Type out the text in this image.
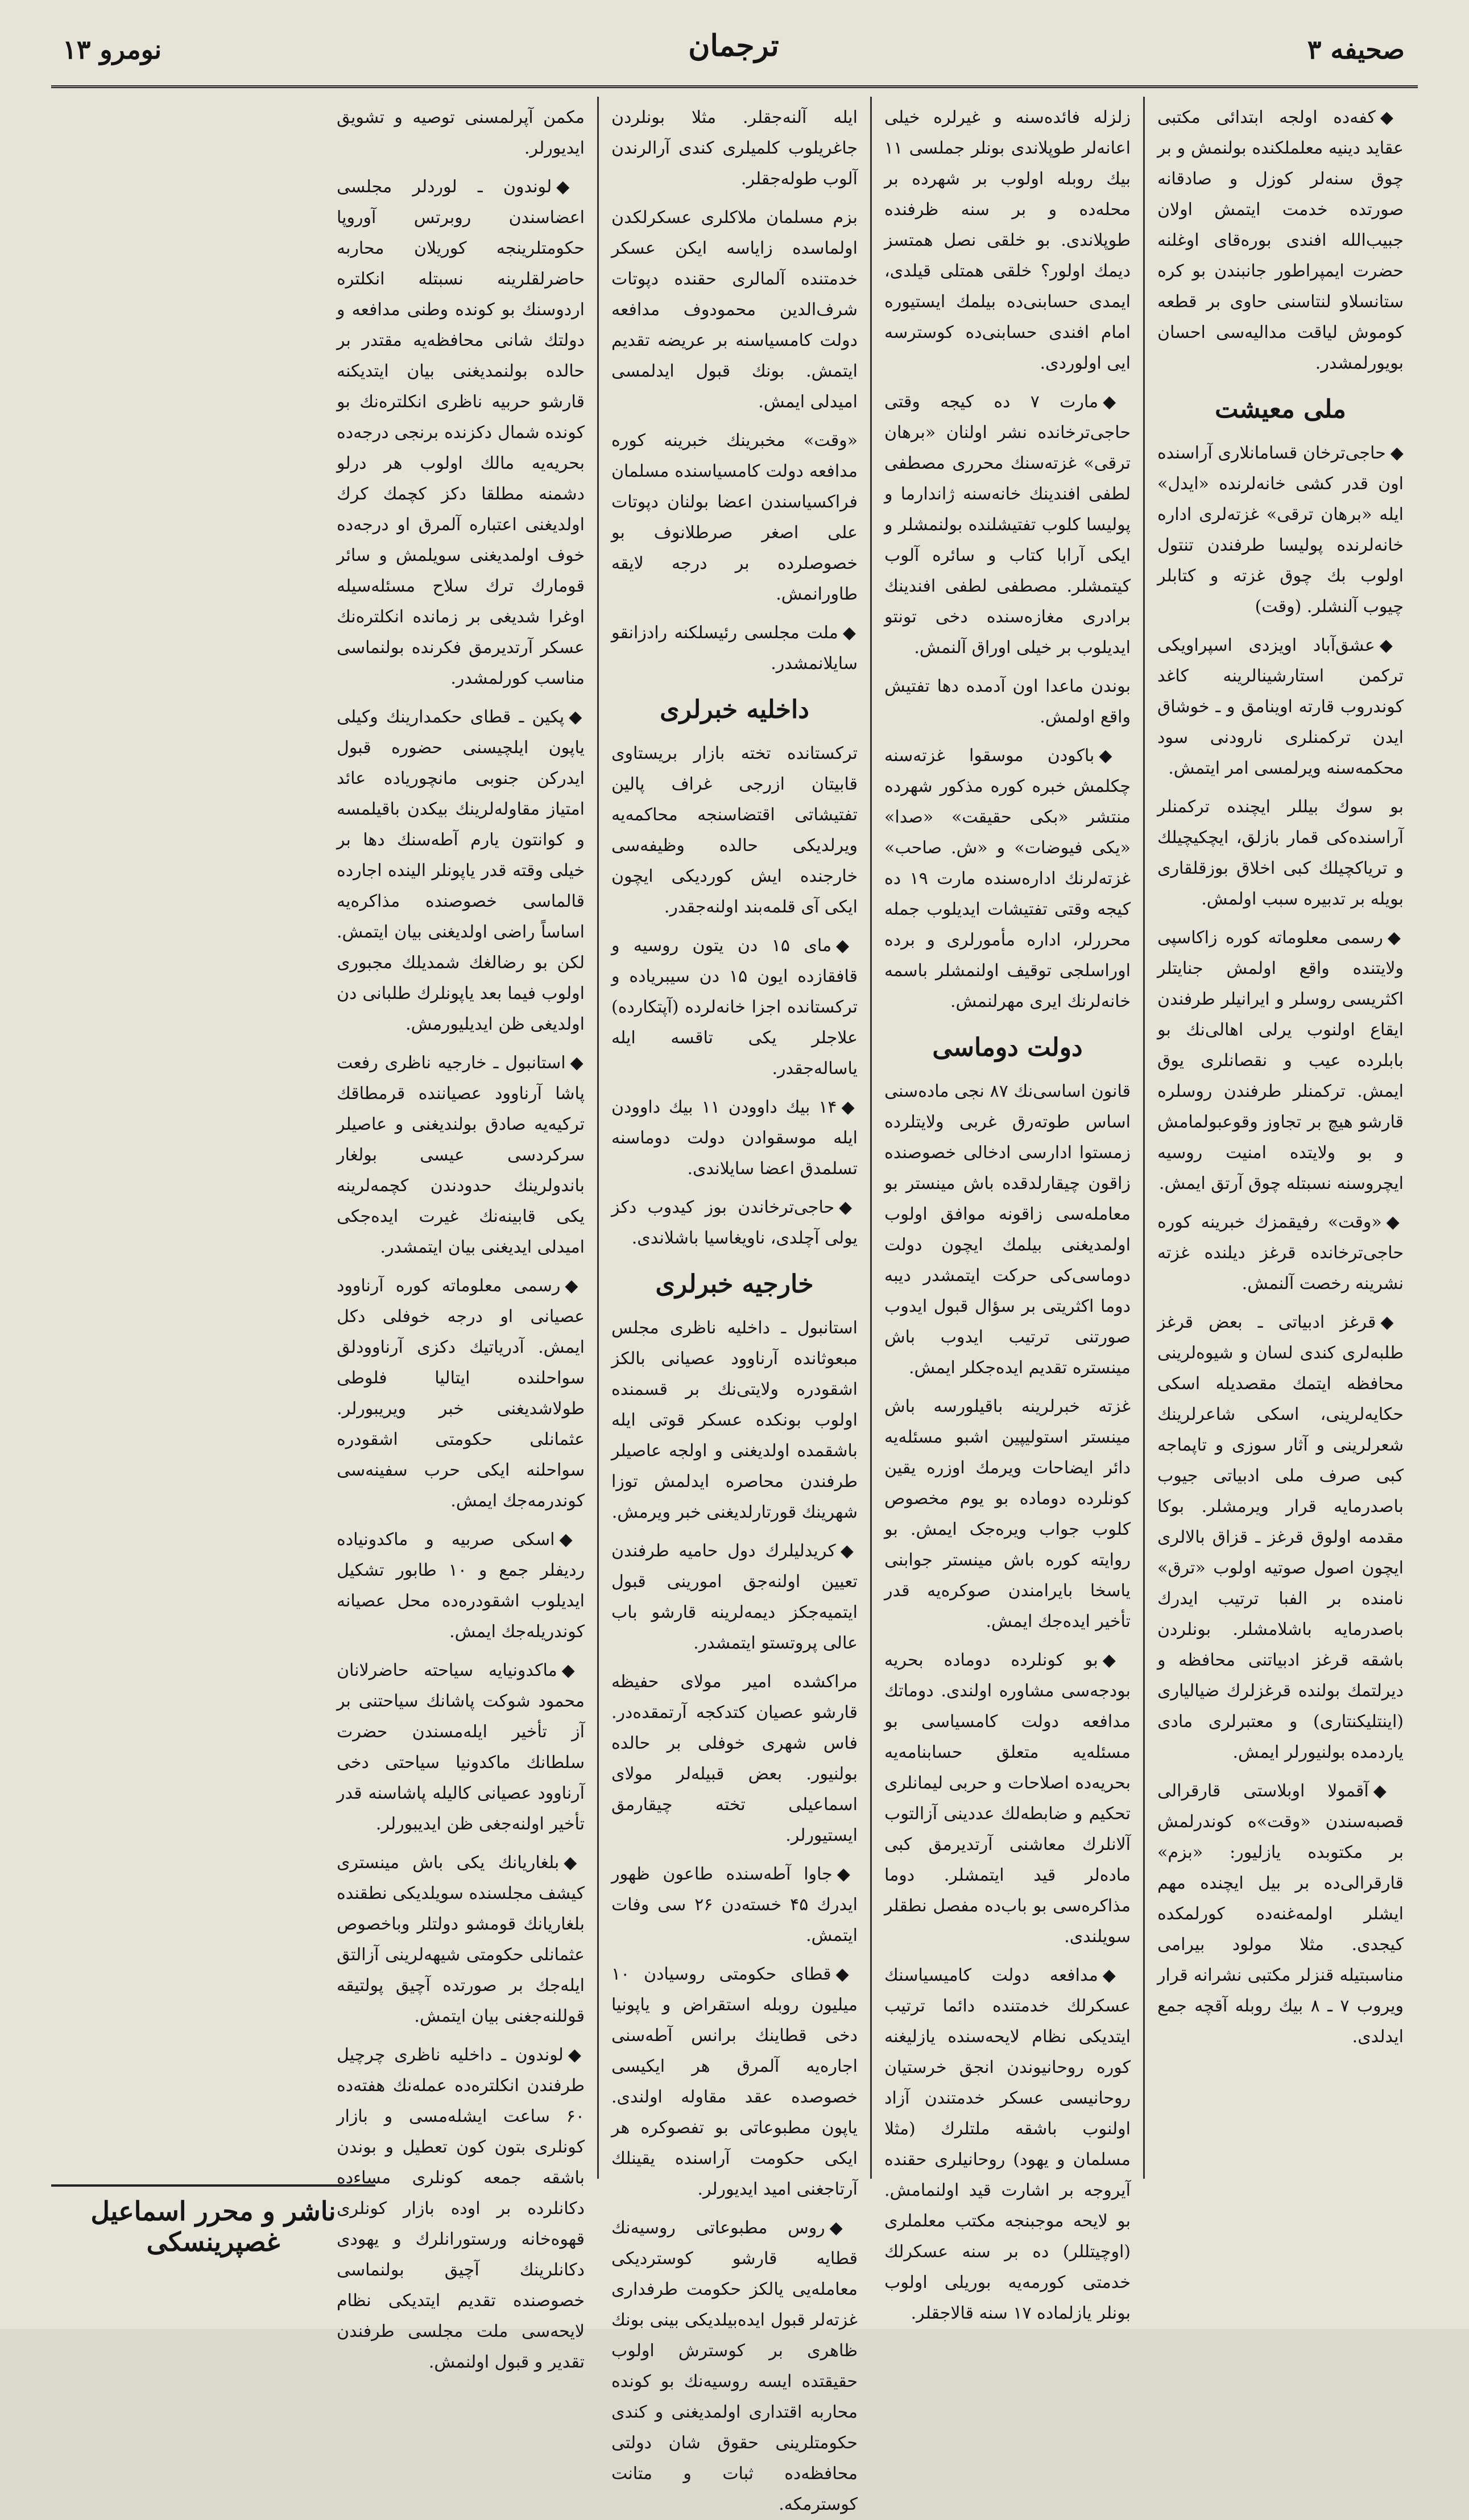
صحیفه ۳
ترجمان
نومرو ۱۳

◆کفه‌ده اولجه ابتدائی مکتبی عقاید دینیه معلملکنده بولنمش و بر چوق سنه‌لر کوزل و صادقانه صورتده خدمت ایتمش اولان جبیب‌الله افندی بوره‌قای اوغلنه حضرت ایمپراطور جانبندن بو کره ستانسلاو لنتاسنی حاوی بر قطعه کوموش لیاقت مدالیه‌سی احسان بویورلمشدر.

ملی معیشت

◆حاجی‌ترخان قسامانلاری آراسنده اون قدر کشی خانه‌لرنده «ایدل» ایله «برهان ترقی» غزته‌لری اداره خانه‌لرنده پولیسا طرفندن تنتول اولوب بك چوق غزته و کتابلر چیوب آلنشلر. (وقت)

◆عشق‌آباد اویزدی اسپراویکی ترکمن استارشینالرینه کاغد کوندروب قارته اوینامق و ـ خوشاق ایدن ترکمنلری نارودنی سود محکمه‌سنه ویرلمسی امر ایتمش.

بو سوك بیللر ایچنده ترکمنلر آراسنده‌کی قمار بازلق، ایچکیچیلك و تریاکچیلك کبی اخلاق بوزقلقاری بویله بر تدبیره سبب اولمش.

◆رسمی معلوماته کوره زاکاسپی ولایتنده واقع اولمش جنایتلر اکثریسی روسلر و ایرانیلر طرفندن ایقاع اولنوب یرلی اهالی‌نك بو بابلرده عیب و نقصانلری یوق ایمش. ترکمنلر طرفندن روسلره قارشو هیچ بر تجاوز وقوعبولمامش و بو ولایتده امنیت روسیه ایچروسنه نسبتله چوق آرتق ایمش.

◆«وقت» رفیقمزك خبرینه کوره حاجی‌ترخانده قرغز دیلنده غزته نشرینه رخصت آلنمش.

◆قرغز ادبیاتی ـ بعض قرغز طلبه‌لری کندی لسان و شیوه‌لرینی محافظه ایتمك مقصدیله اسکی حکایه‌لرینی، اسکی شاعرلرینك شعرلرینی و آثار سوزی و تاپماجه کبی صرف ملی ادبیاتی جیوب باصدرمایه قرار ویرمشلر. بوکا مقدمه اولوق قرغز ـ قزاق بالالری ایچون اصول صوتیه اولوب «ترق» نامنده بر الفبا ترتیب ایدرك باصدرمایه باشلامشلر. بونلردن باشقه قرغز ادبیاتنی محافظه و دیرلتمك بولنده قرغزلرك ضیالیاری (اینتلیکنتاری) و معتبرلری مادی یاردمده بولنیورلر ایمش.

◆آقمولا اوبلاستی قارقرالی قصبه‌سندن «وقت»ه کوندرلمش بر مکتوبده یازلیور: «بزم» قارقرالی‌ده بر بیل ایچنده مهم ایشلر اولمه‌غنه‌ده کورلمکده کیجدی. مثلا مولود بیرامی مناسبتیله قنزلر مکتبی نشرانه قرار ویروب ۷ ـ ۸ بیك روبله آقچه جمع ایدلدی.

زلزله فائده‌سنه و غیرلره خیلی اعانه‌لر طوپلاندی بونلر جملسی ۱۱ بیك روبله اولوب بر شهرده بر محله‌ده و بر سنه ظرفنده طوپلاندی. بو خلقی نصل همتسز دیمك اولور؟ خلقی همتلی قیلدی، ایمدی حسابنی‌ده بیلمك ایستیوره امام افندی حسابنی‌ده کوسترسه ایی اولوردی.

◆مارت ۷ ده کیجه وقتی حاجی‌ترخانده نشر اولنان «برهان ترقی» غزته‌سنك محرری مصطفی لطفی افندینك خانه‌سنه ژاندارما و پولیسا کلوب تفتیشلنده بولنمشلر و ایکی آرابا کتاب و سائره آلوب کیتمشلر. مصطفی لطفی افندینك برادری مغازه‌سنده دخی تونتو ایدیلوب بر خیلی اوراق آلنمش.

بوندن ماعدا اون آدمده دها تفتیش واقع اولمش.

◆باکودن موسقوا غزته‌سنه چکلمش خبره کوره مذکور شهرده منتشر «بکی حقیقت» «صدا» «یکی فیوضات» و «ش. صاحب» غزته‌لرنك اداره‌سنده مارت ۱۹ ده کیجه وقتی تفتیشات ایدیلوب جمله محررلر، اداره مأمورلری و برده اوراسلجی توقیف اولنمشلر باسمه خانه‌لرنك ایری مهرلنمش.

دولت دوماسی

قانون اساسی‌نك ۸۷ نجی ماده‌سنی اساس طوته‌رق غربی ولایتلرده زمستوا ادارسی ادخالی خصوصنده زاقون چیقارلدقده باش مینستر بو معامله‌سی زاقونه موافق اولوب اولمدیغنی بیلمك ایچون دولت دوماسی‌کی حرکت ایتمشدر دیبه دوما اکثریتی بر سؤال قبول ایدوب صورتنی ترتیب ایدوب باش مینستره تقدیم ایده‌جکلر ایمش.

غزته خبرلرینه باقیلورسه باش مینستر استولیپین اشبو مسئله‌یه دائر ایضاحات ویرمك اوزره یقین کونلرده دوماده بو یوم مخصوص کلوب جواب ویره‌جک ایمش. بو روایته کوره باش مینستر جوابنی یاسخا بایرامندن صوکره‌یه قدر تأخیر ایده‌جك ایمش.

◆بو کونلرده دوماده بحریه بودجه‌سی مشاوره اولندی. دوماتك مدافعه دولت کامسیاسی بو مسئله‌یه متعلق حسابنامه‌یه بحریه‌ده اصلاحات و حربی لیمانلری تحکیم و ضابطه‌لك عددینی آزالتوب آلانلرك معاشنی آرتدیرمق کبی ماده‌لر قید ایتمشلر. دوما مذاکره‌سی بو باب‌ده مفصل نطقلر سویلندی.

◆مدافعه دولت کامیسیاسنك عسکرلك خدمتنده دائما ترتیب ایتدیکی نظام لایحه‌سنده یازلیغنه کوره روحانیوندن انجق خرستیان روحانیسی عسکر خدمتندن آزاد اولنوب باشقه ملتلرك (مثلا مسلمان و یهود) روحانیلری حقنده آیروجه بر اشارت قید اولنمامش. بو لایحه موجبنجه مکتب معلملری (اوچیتللر) ده بر سنه عسکرلك خدمتی کورمه‌یه بوریلی اولوب بونلر یازلماده ۱۷ سنه قالاجقلر.

ایله آلنه‌جقلر. مثلا بونلردن جاغریلوب کلمیلری کندی آرالرندن آلوب طوله‌جقلر.

بزم مسلمان ملاکلری عسکرلکدن اولماسده زایاسه ایکن عسکر خدمتنده آلمالری حقنده دپوتات شرف‌الدین محمودوف مدافعه دولت کامسیاسنه بر عریضه تقدیم ایتمش. بونك قبول ایدلمسی امیدلی ایمش.

«وقت» مخبرینك خبرینه کوره مدافعه دولت کامسیاسنده مسلمان فراکسیاسندن اعضا بولنان دپوتات علی اصغر صرطلانوف بو خصوصلرده بر درجه لایقه طاورانمش.

◆ملت مجلسی رئیسلکنه رادزانقو سایلانمشدر.

داخلیه خبرلری

ترکستانده تخته بازار بریستاوی قابیتان ازرجی غراف پالین تفتیشاتی اقتضاسنجه محاکمه‌یه ویرلدیکی حالده وظیفه‌سی خارجنده ایش کوردیکی ایچون ایکی آی قلمه‌بند اولنه‌جقدر.

◆مای ۱۵ دن یتون روسیه و قافقازده ایون ۱۵ دن سیبریاده و ترکستانده اجزا خانه‌لرده (آپتکارده) علاجلر یکی تاقسه ایله یاساله‌جقدر.

◆۱۴ بیك داوودن ۱۱ بیك داوودن ایله موسقوادن دولت دوماسنه تسلمدق اعضا سایلاندی.

◆حاجی‌ترخاندن بوز کیدوب دکز یولی آچلدی، ناویغاسیا باشلاندی.

خارجیه خبرلری

استانبول ـ داخلیه ناظری مجلس مبعوثانده آرناوود عصیانی بالکز اشقودره ولایتی‌نك بر قسمنده اولوب بونکده عسکر قوتی ایله باشقمده اولدیغنی و اولجه عاصیلر طرفندن محاصره ایدلمش توزا شهرینك قورتارلدیغنی خبر ویرمش.

◆کریدلیلرك دول حامیه طرفندن تعیین اولنه‌جق امورینی قبول ایتمیه‌جکز دیمه‌لرینه قارشو باب عالی پروتستو ایتمشدر.

مراکشده امیر مولای حفیظه قارشو عصیان کتدکجه آرتمقده‌در. فاس شهری خوفلی بر حالده بولنیور. بعض قبیله‌لر مولای اسماعیلی تخته چیقارمق ایستیورلر.

◆جاوا آطه‌سنده طاعون ظهور ایدرك ۴۵ خسته‌دن ۲۶ سی وفات ایتمش.

◆قطای حکومتی روسیادن ۱۰ میلیون روبله استقراض و یاپونیا دخی قطاینك برانس آطه‌سنی اجاره‌یه آلمرق هر ایکیسی خصوصده عقد مقاوله اولندی. یاپون مطبوعاتی بو تفصوکره هر ایکی حکومت آراسنده یقینلك آرتاجغنی امید ایدیورلر.

◆روس مطبوعاتی روسیه‌نك قطایه قارشو کوستردیکی معامله‌یی یالکز حکومت طرفداری غزته‌لر قبول ایده‌بیلدیکی بینی بونك ظاهری بر کوسترش اولوب حقیقتده ایسه روسیه‌نك بو کونده محاربه اقتداری اولمدیغنی و کندی حکومتلرینی حقوق شان دولتی محافظه‌ده ثبات و متانت کوسترمکه.

مکمن آپرلمسنی توصیه و تشویق ایدیورلر.

◆لوندون ـ لوردلر مجلسی اعضاسندن روبرتس آوروپا حکومتلرینجه کوریلان محاربه حاضرلقلرینه نسبتله انکلتره اردوسنك بو کونده وطنی مدافعه و دولتك شانی محافظه‌یه مقتدر بر حالده بولنمدیغنی بیان ایتدیکنه قارشو حربیه ناظری انکلتره‌نك بو کونده شمال دکزنده برنجی درجه‌ده بحریه‌یه مالك اولوب هر درلو دشمنه مطلقا دکز کچمك کرك اولدیغنی اعتباره آلمرق او درجه‌ده خوف اولمدیغنی سویلمش و سائر قومارك ترك سلاح مسئله‌سیله اوغرا شدیغی بر زمانده انکلتره‌نك عسکر آرتدیرمق فکرنده بولنماسی مناسب کورلمشدر.

◆پکین ـ قطای حکمدارینك وکیلی یاپون ایلچیسنی حضوره قبول ایدرکن جنوبی مانچوریاده عائد امتیاز مقاوله‌لرینك بیکدن باقیلمسه و کوانتون یارم آطه‌سنك دها بر خیلی وقته قدر یاپونلر الینده اجارده قالماسی خصوصنده مذاکره‌یه اساساً راضی اولدیغنی بیان ایتمش. لکن بو رضالغك شمدیلك مجبوری اولوب فیما بعد یاپونلرك طلبانی دن اولدیغی ظن ایدیلیورمش.

◆استانبول ـ خارجیه ناظری رفعت پاشا آرناوود عصیاننده قرمطاقك ترکیه‌یه صادق بولندیغنی و عاصیلر سرکردسی عیسی بولغار باندولرینك حدودندن کچمه‌لرینه یکی قابینه‌نك غیرت ایده‌جکی امیدلی ایدیغنی بیان ایتمشدر.

◆رسمی معلوماته کوره آرناوود عصیانی او درجه خوفلی دکل ایمش. آدریاتیك دکزی آرناوودلق سواحلنده ایتالیا فلوطی طولاشدیغنی خبر ویریبورلر. عثمانلی حکومتی اشقودره سواحلنه ایکی حرب سفینه‌سی کوندرمه‌جك ایمش.

◆اسکی صربیه و ماکدونیاده ردیفلر جمع و ۱۰ طابور تشکیل ایدیلوب اشقودره‌ده محل عصیانه کوندریله‌جك ایمش.

◆ماکدونیایه سیاحته حاضرلانان محمود شوکت پاشانك سیاحتنی بر آز تأخیر ایله‌مسندن حضرت سلطانك ماکدونیا سیاحتی دخی آرناوود عصیانی کالیله پاشاسنه قدر تأخیر اولنه‌جغی ظن ایدیبورلر.

◆بلغاریانك یکی باش مینستری کیشف مجلسنده سویلدیکی نطقنده بلغاریانك قومشو دولتلر وباخصوص عثمانلی حکومتی شیهه‌لرینی آزالتق ایله‌جك بر صورتده آچیق پولتیقه قوللنه‌جغنی بیان ایتمش.

◆لوندون ـ داخلیه ناظری چرچیل طرفندن انکلتره‌ده عمله‌نك هفته‌ده ۶۰ ساعت ایشله‌مسی و بازار کونلری بتون کون تعطیل و بوندن باشقه جمعه کونلری مساء‌ده دکانلرده بر اوده بازار کونلری قهوه‌خانه ورستورانلرك و یهودی دکانلرینك آچیق بولنماسی خصوصنده تقدیم ایتدیکی نظام لایحه‌سی ملت مجلسی طرفندن تقدیر و قبول اولنمش.

ناشر و محرر اسماعیل غصپرینسکی
